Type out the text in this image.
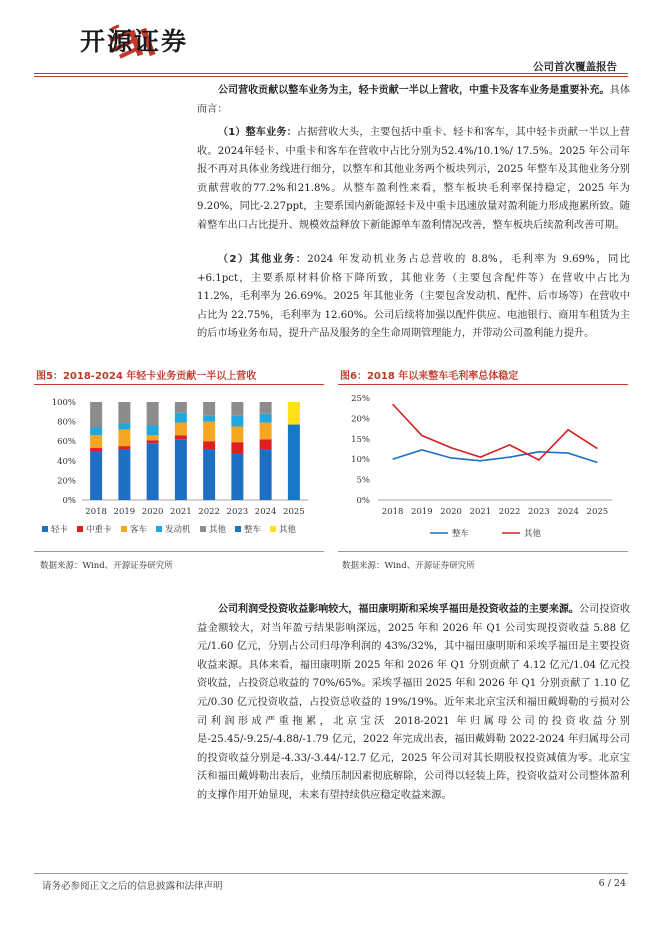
开源证券
公司首次覆盖报告

公司营收贡献以整车业务为主，轻卡贡献一半以上营收，中重卡及客车业务是重要补充。具体而言：

（1）整车业务：占据营收大头，主要包括中重卡、轻卡和客车，其中轻卡贡献一半以上营收。2024年轻卡、中重卡和客车在营收中占比分别为52.4%/10.1%/ 17.5%。2025 年公司年报不再对具体业务线进行细分，以整车和其他业务两个板块列示，2025 年整车及其他业务分别贡献营收的77.2%和21.8%。从整车盈利性来看，整车板块毛利率保持稳定，2025 年为 9.20%，同比-2.27ppt，主要系国内新能源轻卡及中重卡迅速放量对盈利能力形成拖累所致。随着整车出口占比提升、规模效益释放下新能源单车盈利情况改善，整车板块后续盈利改善可期。

（2）其他业务：2024 年发动机业务占总营收的 8.8%，毛利率为 9.69%，同比+6.1pct，主要系原材料价格下降所致，其他业务（主要包含配件等）在营收中占比为 11.2%，毛利率为 26.69%。2025 年其他业务（主要包含发动机、配件、后市场等）在营收中占比为 22.75%，毛利率为 12.60%。公司后续将加强以配件供应、电池银行、商用车租赁为主的后市场业务布局，提升产品及服务的全生命周期管理能力，并带动公司盈利能力提升。

图5：2018-2024 年轻卡业务贡献一半以上营收	图6：2018 年以来整车毛利率总体稳定
0%
20%
40%
60%
80%
100%
2018 2019 2020 2021 2022 2023 2024 2025
轻卡 中重卡 客车 发动机 其他 整车 其他
0%
5%
10%
15%
20%
25%
2018 2019 2020 2021 2022 2023 2024 2025
整车	其他
数据来源：Wind、开源证券研究所	数据来源：Wind、开源证券研究所

公司利润受投资收益影响较大，福田康明斯和采埃孚福田是投资收益的主要来源。公司投资收益金额较大，对当年盈亏结果影响深远，2025 年和 2026 年 Q1 公司实现投资收益 5.88 亿元/1.60 亿元，分别占公司归母净利润的 43%/32%，其中福田康明斯和采埃孚福田是主要投资收益来源。具体来看，福田康明斯 2025 年和 2026 年 Q1 分别贡献了 4.12 亿元/1.04 亿元投资收益，占投资总收益的 70%/65%。采埃孚福田 2025 年和 2026 年 Q1 分别贡献了 1.10 亿元/0.30 亿元投资收益，占投资总收益的 19%/19%。近年来北京宝沃和福田戴姆勒的亏损对公司利润形成严重拖累，北京宝沃 2018-2021 年归属母公司的投资收益分别是-25.45/-9.25/-4.88/-1.79 亿元，2022 年完成出表，福田戴姆勒 2022-2024 年归属母公司的投资收益分别是-4.33/-3.44/-12.7 亿元，2025 年公司对其长期股权投资减值为零。北京宝沃和福田戴姆勒出表后，业绩压制因素彻底解除，公司得以轻装上阵，投资收益对公司整体盈利的支撑作用开始显现，未来有望持续供应稳定收益来源。

请务必参阅正文之后的信息披露和法律声明	6 / 24
